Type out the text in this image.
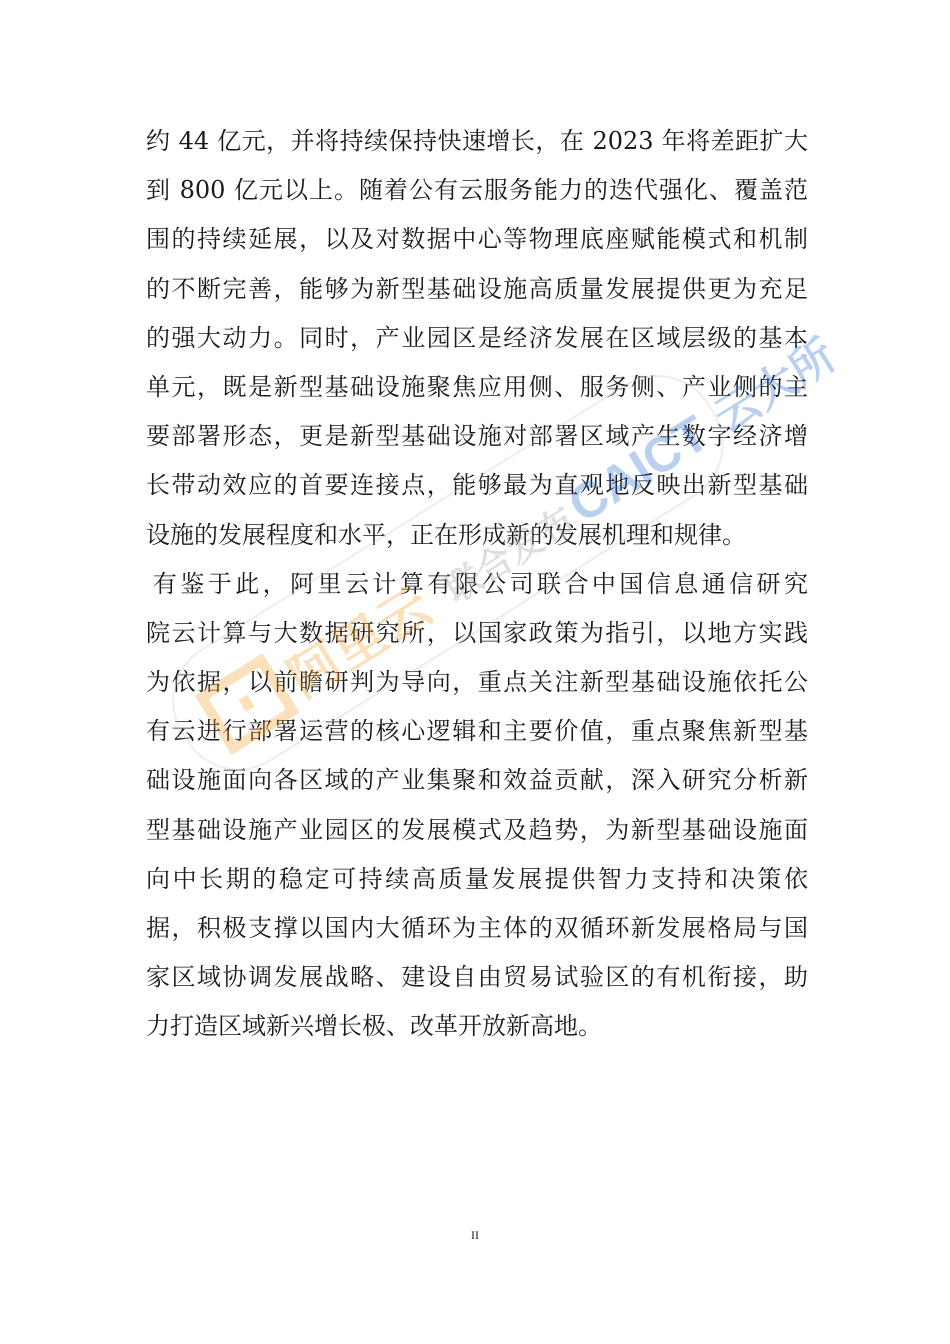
约 44 亿元，并将持续保持快速增长，在 2023 年将差距扩大
到 800 亿元以上。随着公有云服务能力的迭代强化、覆盖范
围的持续延展，以及对数据中心等物理底座赋能模式和机制
的不断完善，能够为新型基础设施高质量发展提供更为充足
的强大动力。同时，产业园区是经济发展在区域层级的基本
单元，既是新型基础设施聚焦应用侧、服务侧、产业侧的主
要部署形态，更是新型基础设施对部署区域产生数字经济增
长带动效应的首要连接点，能够最为直观地反映出新型基础
设施的发展程度和水平，正在形成新的发展机理和规律。
　　有鉴于此，阿里云计算有限公司联合中国信息通信研究
院云计算与大数据研究所，以国家政策为指引，以地方实践
为依据，以前瞻研判为导向，重点关注新型基础设施依托公
有云进行部署运营的核心逻辑和主要价值，重点聚焦新型基
础设施面向各区域的产业集聚和效益贡献，深入研究分析新
型基础设施产业园区的发展模式及趋势，为新型基础设施面
向中长期的稳定可持续高质量发展提供智力支持和决策依
据，积极支撑以国内大循环为主体的双循环新发展格局与国
家区域协调发展战略、建设自由贸易试验区的有机衔接，助
力打造区域新兴增长极、改革开放新高地。
阿里云
联合发布
CAICT
云大所
II
